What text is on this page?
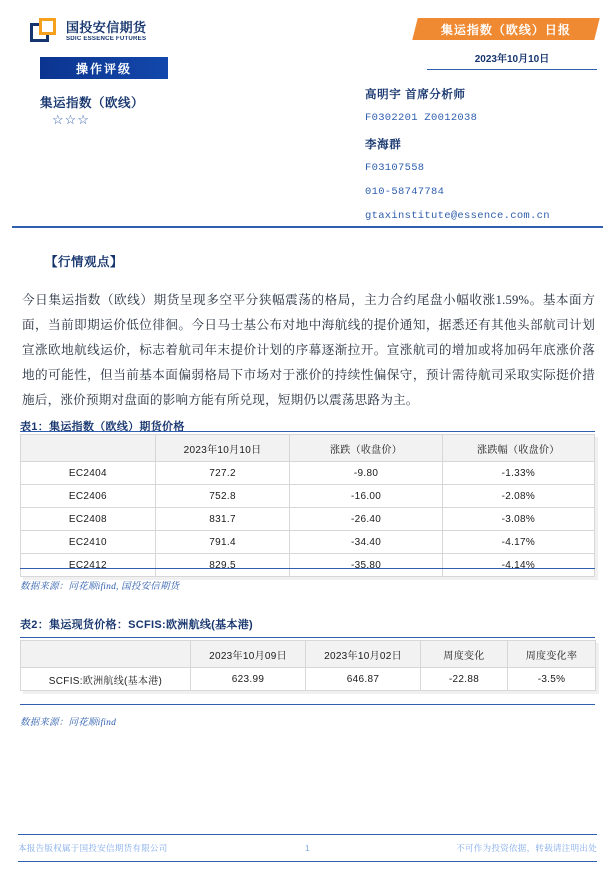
国投安信期货
SDIC ESSENCE FUTURES
操作评级
集运指数（欧线）
☆☆☆
集运指数（欧线）日报
2023年10月10日
高明宇 首席分析师
F0302201 Z0012038
李海群
F03107558
010-58747784
gtaxinstitute@essence.com.cn
【行情观点】
今日集运指数（欧线）期货呈现多空平分狭幅震荡的格局，主力合约尾盘小幅收涨1.59%。基本面方面，当前即期运价低位徘徊。今日马士基公布对地中海航线的提价通知，据悉还有其他头部航司计划宣涨欧地航线运价，标志着航司年末提价计划的序幕逐渐拉开。宣涨航司的增加或将加码年底涨价落地的可能性，但当前基本面偏弱格局下市场对于涨价的持续性偏保守，预计需待航司采取实际挺价措施后，涨价预期对盘面的影响方能有所兑现，短期仍以震荡思路为主。
表1：集运指数（欧线）期货价格
	2023年10月10日	涨跌（收盘价）	涨跌幅（收盘价）
EC2404	727.2	-9.80	-1.33%
EC2406	752.8	-16.00	-2.08%
EC2408	831.7	-26.40	-3.08%
EC2410	791.4	-34.40	-4.17%
EC2412	829.5	-35.80	-4.14%
数据来源：同花顺ifind, 国投安信期货
表2：集运现货价格：SCFIS:欧洲航线(基本港)
	2023年10月09日	2023年10月02日	周度变化	周度变化率
SCFIS:欧洲航线(基本港)	623.99	646.87	-22.88	-3.5%
数据来源：同花顺ifind
本报告版权属于国投安信期货有限公司	1	不可作为投资依据，转载请注明出处
